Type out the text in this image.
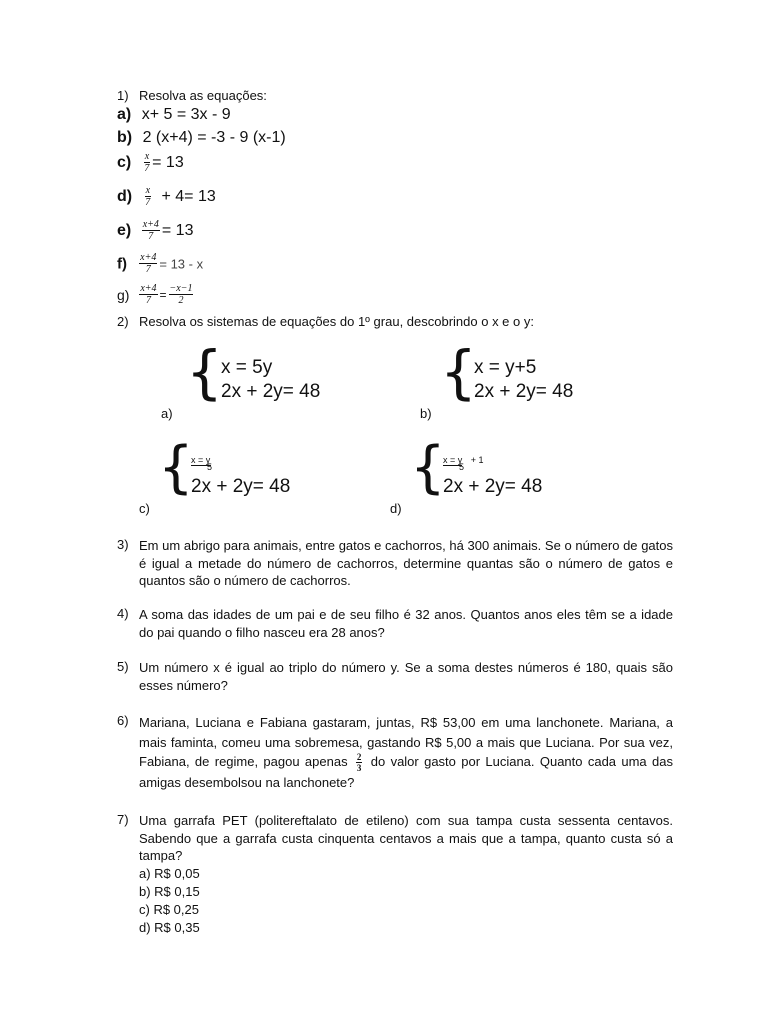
1) Resolva as equações:
a) x+ 5 = 3x - 9
b) 2 (x+4) = -3 - 9 (x-1)
$c) \frac{x}{7} = 13$
$d) \frac{x}{7} + 4= 13$
$e) \frac{x+4}{7} = 13$
$f) \frac{x+4}{7} = 13 - x$
$g) \frac{x+4}{7} = \frac{-x-1}{2}$
2) Resolva os sistemas de equações do 1º grau, descobrindo o x e o y:
{
x = 5y
2x + 2y= 48
a)
{
x = y+5
2x + 2y= 48
b)
{
x = y
5
2x + 2y= 48
c)
{
x = y + 1
5
2x + 2y= 48
d)
3) Em um abrigo para animais, entre gatos e cachorros, há 300 animais. Se o número de gatos é igual a metade do número de cachorros, determine quantas são o número de gatos e quantos são o número de cachorros.
4) A soma das idades de um pai e de seu filho é 32 anos. Quantos anos eles têm se a idade do pai quando o filho nasceu era 28 anos?
5) Um número x é igual ao triplo do número y. Se a soma destes números é 180, quais são esses número?
6) Mariana, Luciana e Fabiana gastaram, juntas, R$ 53,00 em uma lanchonete. Mariana, a mais faminta, comeu uma sobremesa, gastando R$ 5,00 a mais que Luciana. Por sua vez, Fabiana, de regime, pagou apenas $\frac{2}{3}$ do valor gasto por Luciana. Quanto cada uma das amigas desembolsou na lanchonete?
7) Uma garrafa PET (politereftalato de etileno) com sua tampa custa sessenta centavos. Sabendo que a garrafa custa cinquenta centavos a mais que a tampa, quanto custa só a tampa?
a) R$ 0,05
b) R$ 0,15
c) R$ 0,25
d) R$ 0,35
